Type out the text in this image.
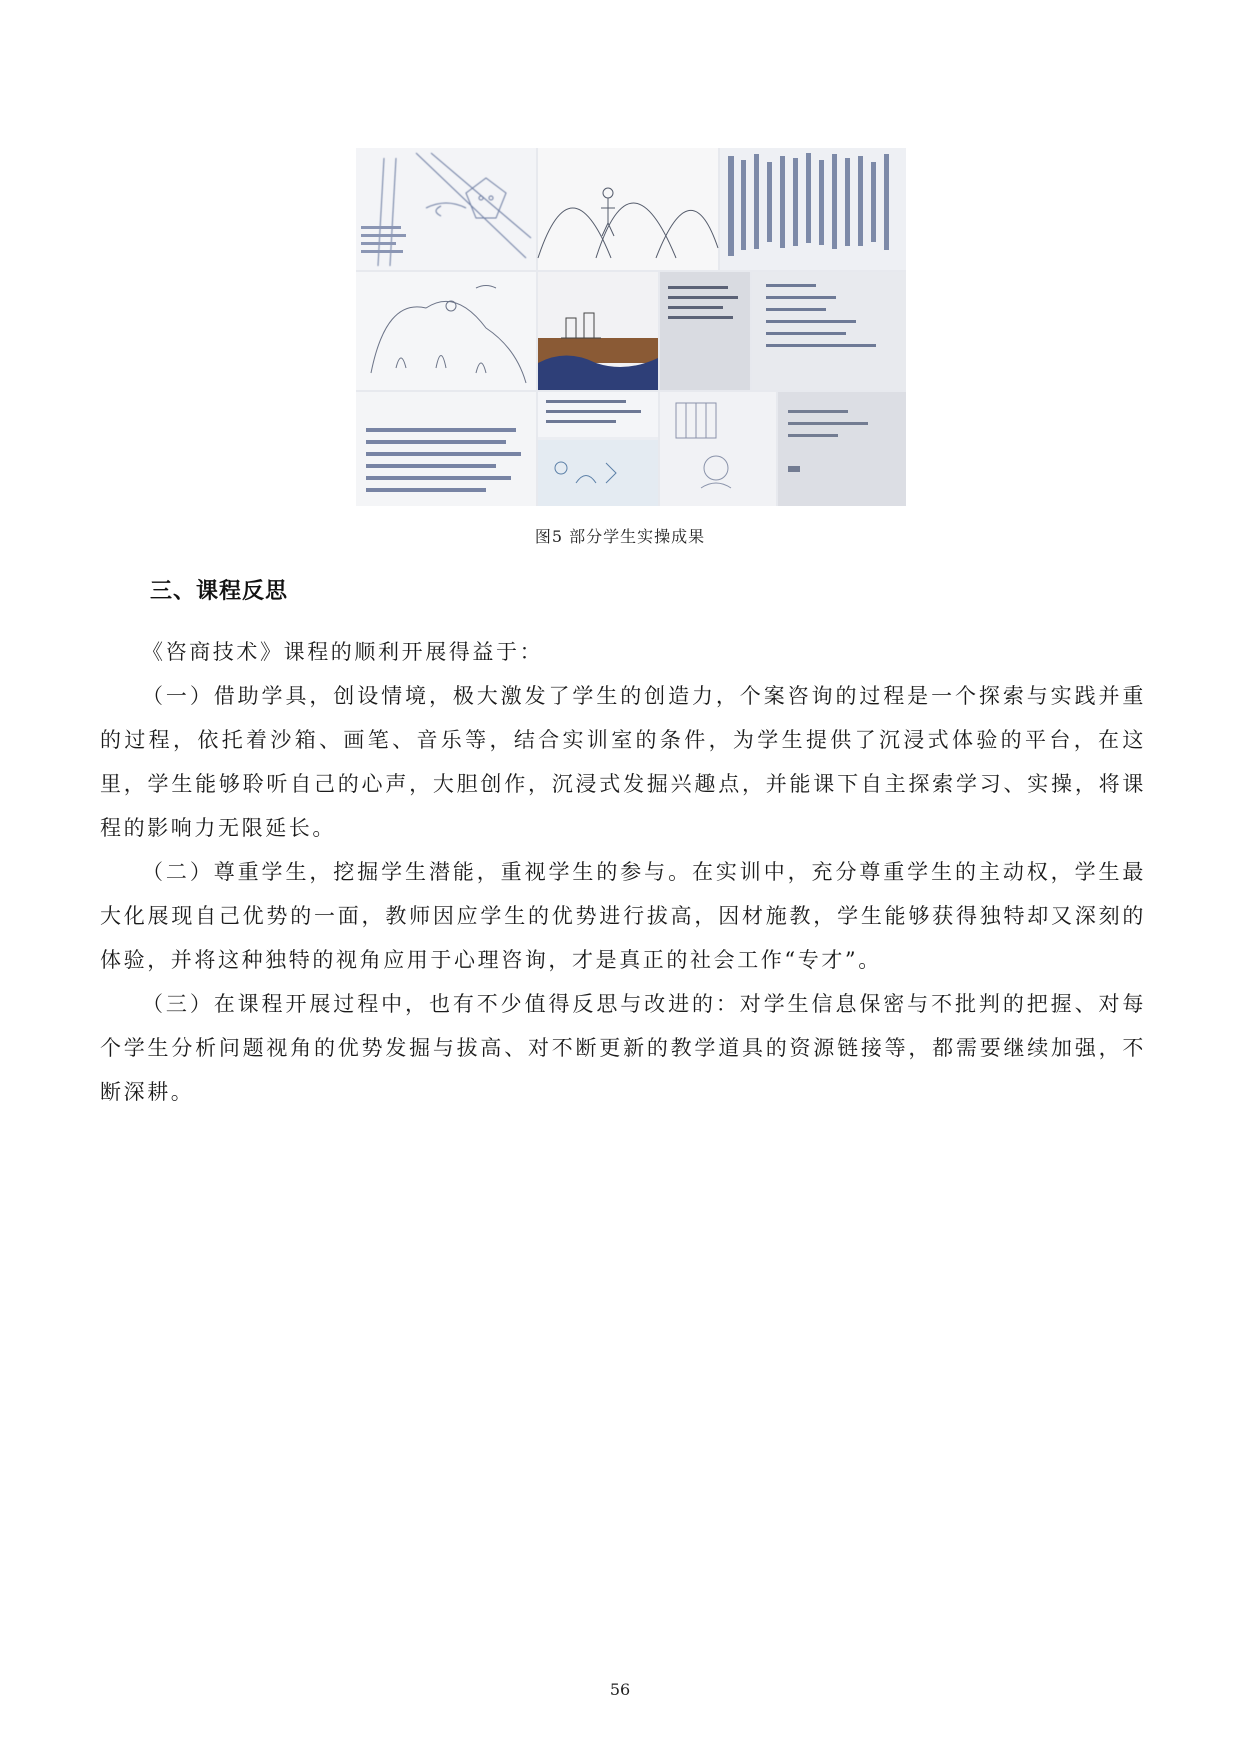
图5 部分学生实操成果
三、课程反思

《咨商技术》课程的顺利开展得益于：

（一）借助学具，创设情境，极大激发了学生的创造力，个案咨询的过程是一个探索与实践并重的过程，依托着沙箱、画笔、音乐等，结合实训室的条件，为学生提供了沉浸式体验的平台，在这里，学生能够聆听自己的心声，大胆创作，沉浸式发掘兴趣点，并能课下自主探索学习、实操，将课程的影响力无限延长。

（二）尊重学生，挖掘学生潜能，重视学生的参与。在实训中，充分尊重学生的主动权，学生最大化展现自己优势的一面，教师因应学生的优势进行拔高，因材施教，学生能够获得独特却又深刻的体验，并将这种独特的视角应用于心理咨询，才是真正的社会工作“专才”。

（三）在课程开展过程中，也有不少值得反思与改进的：对学生信息保密与不批判的把握、对每个学生分析问题视角的优势发掘与拔高、对不断更新的教学道具的资源链接等，都需要继续加强，不断深耕。

56
